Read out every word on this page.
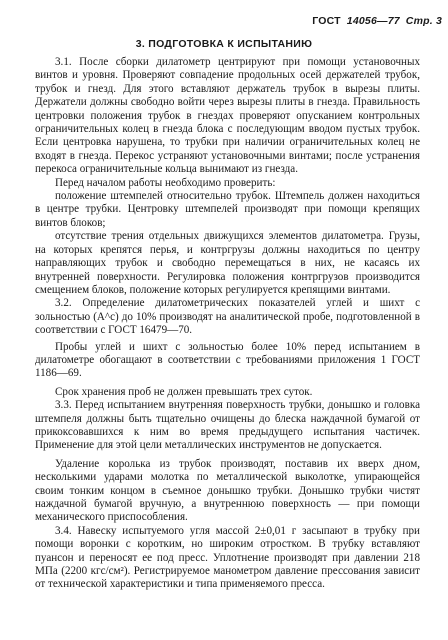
ГОСТ 14056—77 Стр. 3
3. ПОДГОТОВКА К ИСПЫТАНИЮ

3.1. После сборки дилатометр центрируют при помощи установочных винтов и уровня. Проверяют совпадение продольных осей держателей трубок, трубок и гнезд. Для этого вставляют держатель трубок в вырезы плиты. Держатели должны свободно войти через вырезы плиты в гнезда. Правильность центровки положения трубок в гнездах проверяют опусканием контрольных ограничительных колец в гнезда блока с последующим вводом пустых трубок. Если центровка нарушена, то трубки при наличии ограничительных колец не входят в гнезда. Перекос устраняют установочными винтами; после устранения перекоса ограничительные кольца вынимают из гнезда.

Перед началом работы необходимо проверить:

положение штемпелей относительно трубок. Штемпель должен находиться в центре трубки. Центровку штемпелей производят при помощи крепящих винтов блоков;

отсутствие трения отдельных движущихся элементов дилатометра. Грузы, на которых крепятся перья, и контргрузы должны находиться по центру направляющих трубок и свободно перемещаться в них, не касаясь их внутренней поверхности. Регулировка положения контргрузов производится смещением блоков, положение которых регулируется крепящими винтами.

3.2. Определение дилатометрических показателей углей и шихт с зольностью (A^c) до 10% производят на аналитической пробе, подготовленной в соответствии с ГОСТ 16479—70.

Пробы углей и шихт с зольностью более 10% перед испытанием в дилатометре обогащают в соответствии с требованиями приложения 1 ГОСТ 1186—69.

Срок хранения проб не должен превышать трех суток.

3.3. Перед испытанием внутренняя поверхность трубки, донышко и головка штемпеля должны быть тщательно очищены до блеска наждачной бумагой от прикоксовавшихся к ним во время предыдущего испытания частичек. Применение для этой цели металлических инструментов не допускается.

Удаление королька из трубок производят, поставив их вверх дном, несколькими ударами молотка по металлической выколотке, упирающейся своим тонким концом в съемное донышко трубки. Донышко трубки чистят наждачной бумагой вручную, а внутреннюю поверхность — при помощи механического приспособления.

3.4. Навеску испытуемого угля массой 2±0,01 г засыпают в трубку при помощи воронки с коротким, но широким отростком. В трубку вставляют пуансон и переносят ее под пресс. Уплотнение производят при давлении 218 МПа (2200 кгс/см²). Регистрируемое манометром давление прессования зависит от технической характеристики и типа применяемого пресса.
